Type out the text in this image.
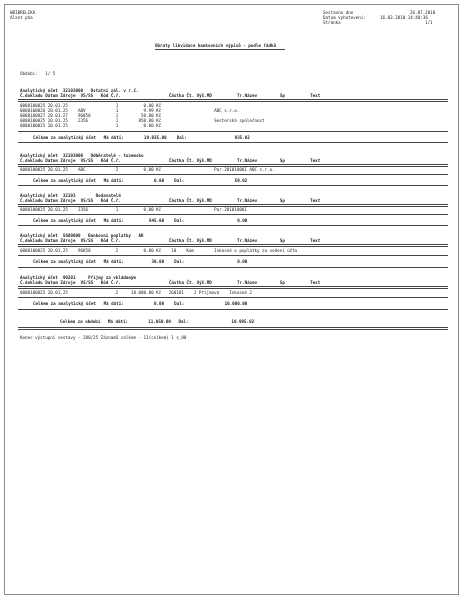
WBIBRELIKA
Alzet pha
Sestavno dne	26.07.2010
Datum vyhotovení:	16.03.2010 14:40:36
Stránka	1/1
Obraty likvidace bankovních výpisů - podle řádků
Období:   1/ 5
Analytický účet  32103000   Ostatní zál. v r.č.
Č.dokladu Datum Zdroje VS/SS Kód Č.ř.	Částka Čt. Výš.MD	Tr.Název	Sp	Text
0000100025 20.01.25                   1          0.00 Kč
0000100026 20.01.25    ABV            1          9.99 Kč                     ABC s.r.o.
0000100027 20.01.27    96850          1         50.00 Kč
0000100025 20.01.25    2356           1        850.00 Kč                     Sesterská společnost
0000100025 20.01.25                   1          0.00 Kč
Celkem za analytický účet   Má dáti:        19.035.00    Dal:                   935.02
Analytický účet  32103000   Odběratelé - tuzemsko
Č.dokladu Datum Zdroje VS/SS Kód Č.ř.	Částka Čt. Výš.MD	Tr.Název	Sp	Text
0000100025 20.01.25    ABC            2          0.00 Kč                     Par.201010001 ABC s.r.o.
Celkem za analytický účet   Má dáti:            0.00    Dal:                    59.02
Analytický účet  32103        Dodavatelé
Č.dokladu Datum Zdroje VS/SS Kód Č.ř.	Částka Čt. Výš.MD	Tr.Název	Sp	Text
0000100025 20.01.25    2356           1          0.00 Kč                     Par.201010001
Celkem za analytický účet   Má dáti:          645.00    Dal:                     0.00
Analytický účet  5680000   Bankovní poplatky   AK
Č.dokladu Datum Zdroje VS/SS Kód Č.ř.	Částka Čt. Výš.MD	Tr.Název	Sp	Text
0000100025 20.01.25    96850          2          0.00 Kč    10    Kom        Inkasné o poplatky za vedení účtu
Celkem za analytický účet   Má dáti:           30.00    Dal:                     0.00
Analytický účet  90201     Příjmy za vkládaným
Č.dokladu Datum Zdroje VS/SS Kód Č.ř.	Částka Čt. Výš.MD	Tr.Název	Sp	Text
0000100025 20.01.25                   2     10.000.00 Kč   260101    2 Příjmová    Inkasné 2
Celkem za analytický účet   Má dáti:            0.00    Dal:                10.000.00
Celkem za období   Má dáti:        11.050.00   Dal:                 10.985.02
Konec výstupní sestavy - 200/25 Záznamů celkem - 11(celkem) 1 s_00
